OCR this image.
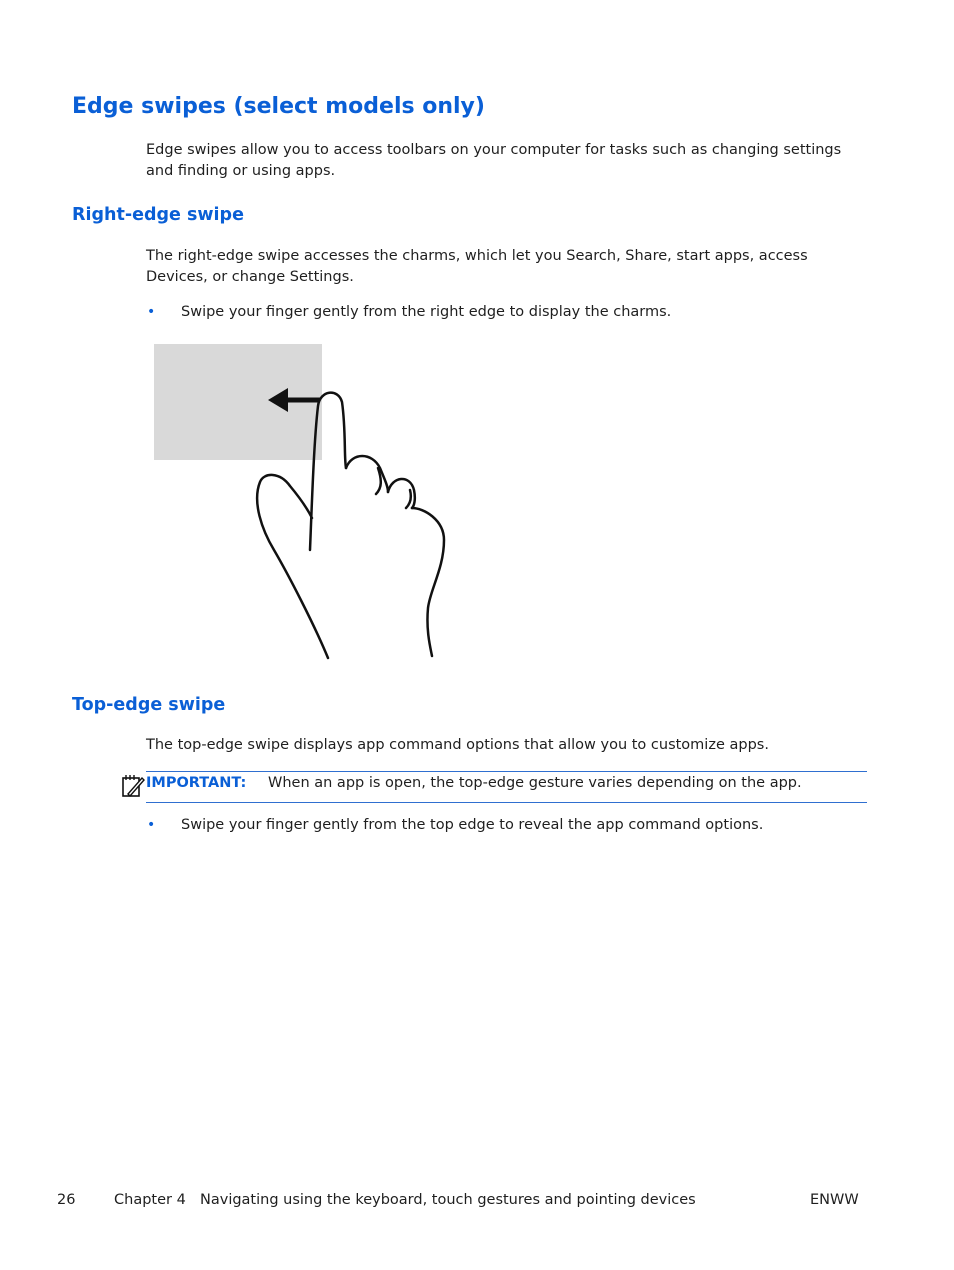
Edge swipes (select models only)
Edge swipes allow you to access toolbars on your computer for tasks such as changing settings and finding or using apps.
Right-edge swipe
The right-edge swipe accesses the charms, which let you Search, Share, start apps, access Devices, or change Settings.
• Swipe your finger gently from the right edge to display the charms.
Top-edge swipe
The top-edge swipe displays app command options that allow you to customize apps.
IMPORTANT: When an app is open, the top-edge gesture varies depending on the app.
• Swipe your finger gently from the top edge to reveal the app command options.
26	Chapter 4 Navigating using the keyboard, touch gestures and pointing devices	ENWW
